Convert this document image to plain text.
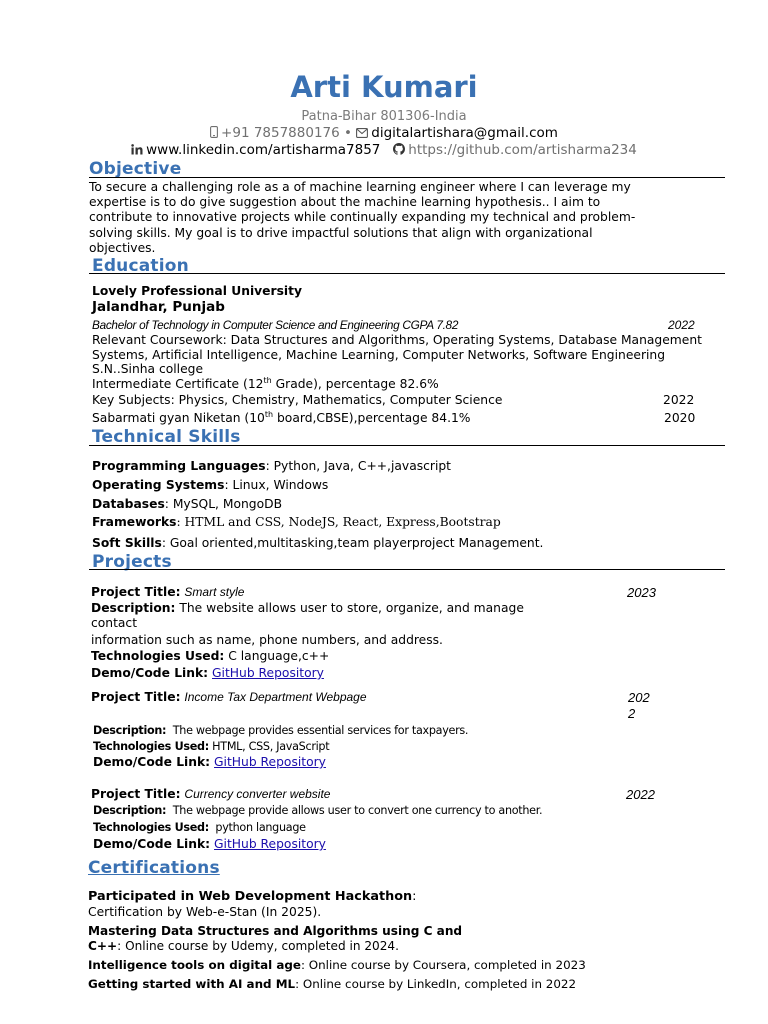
Arti Kumari
Patna-Bihar 801306-India
+91 7857880176 • digitalartishara@gmail.com
www.linkedin.com/artisharma7857 https://github.com/artisharma234
Objective
To secure a challenging role as a of machine learning engineer where I can leverage my expertise is to do give suggestion about the machine learning hypothesis.. I aim to contribute to innovative projects while continually expanding my technical and problem-solving skills. My goal is to drive impactful solutions that align with organizational objectives.
Education
Lovely Professional University
Jalandhar, Punjab
Bachelor of Technology in Computer Science and Engineering CGPA 7.82	2022
Relevant Coursework: Data Structures and Algorithms, Operating Systems, Database Management Systems, Artificial Intelligence, Machine Learning, Computer Networks, Software Engineering
S.N..Sinha college
Intermediate Certificate (12th Grade), percentage 82.6%
Key Subjects: Physics, Chemistry, Mathematics, Computer Science	2022
Sabarmati gyan Niketan (10th board,CBSE),percentage 84.1%	2020
Technical Skills
Programming Languages: Python, Java, C++,javascript
Operating Systems: Linux, Windows
Databases: MySQL, MongoDB
Frameworks: HTML and CSS, NodeJS, React, Express,Bootstrap
Soft Skills: Goal oriented,multitasking,team playerproject Management.
Projects
Project Title: Smart style	2023
Description: The website allows user to store, organize, and manage
contact
information such as name, phone numbers, and address.
Technologies Used: C language,c++
Demo/Code Link: GitHub Repository
Project Title: Income Tax Department Webpage	202
2
Description: The webpage provides essential services for taxpayers.
Technologies Used: HTML, CSS, JavaScript
Demo/Code Link: GitHub Repository
Project Title: Currency converter website	2022
Description: The webpage provide allows user to convert one currency to another.
Technologies Used: python language
Demo/Code Link: GitHub Repository
Certifications
Participated in Web Development Hackathon:
Certification by Web-e-Stan (In 2025).
Mastering Data Structures and Algorithms using C and
C++: Online course by Udemy, completed in 2024.
Intelligence tools on digital age: Online course by Coursera, completed in 2023
Getting started with AI and ML: Online course by LinkedIn, completed in 2022
